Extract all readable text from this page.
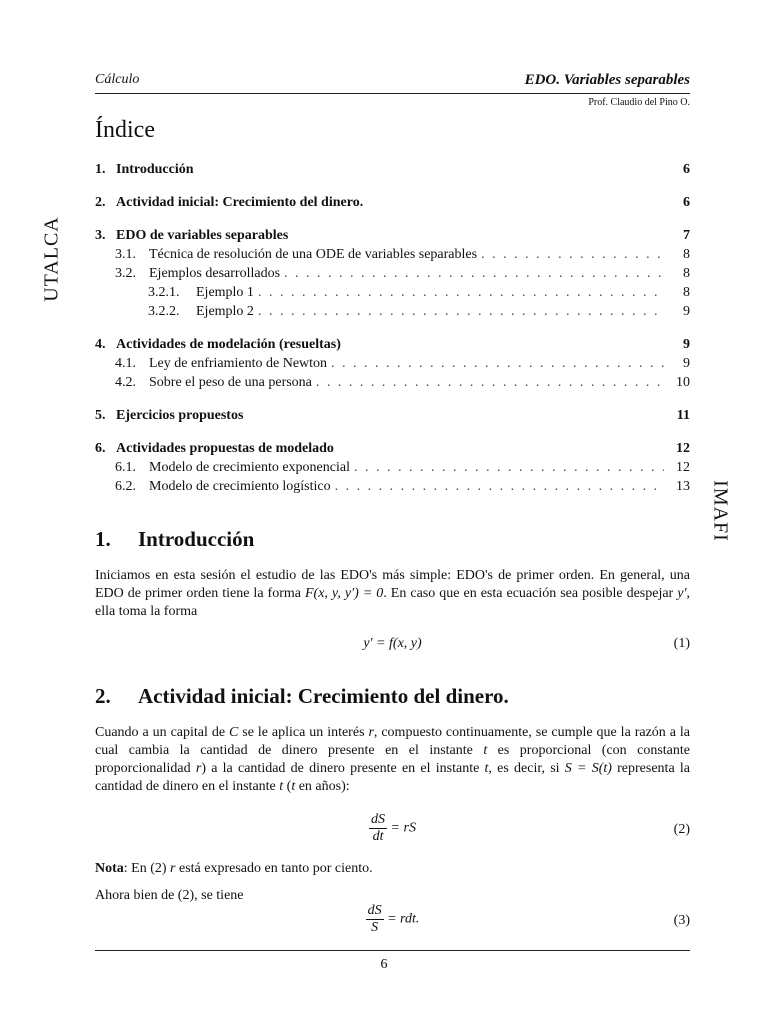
Cálculo	EDO. Variables separables
Prof. Claudio del Pino O.
UTALCA
IMAFI
Índice
1. Introducción	6
2. Actividad inicial: Crecimiento del dinero.	6
3. EDO de variables separables	7
3.1. Técnica de resolución de una ODE de variables separables . . .	8
3.2. Ejemplos desarrollados . . .	8
3.2.1.	Ejemplo 1 . . .	8
3.2.2.	Ejemplo 2 . . .	9
4. Actividades de modelación (resueltas)	9
4.1. Ley de enfriamiento de Newton . . .	9
4.2. Sobre el peso de una persona . . .	10
5. Ejercicios propuestos	11
6. Actividades propuestas de modelado	12
6.1. Modelo de crecimiento exponencial . . .	12
6.2. Modelo de crecimiento logístico . . .	13
1. Introducción
Iniciamos en esta sesión el estudio de las EDO's más simple: EDO's de primer orden. En general, una EDO de primer orden tiene la forma F(x, y, y′) = 0. En caso que en esta ecuación sea posible despejar y′, ella toma la forma
y′ = f(x, y)	(1)
2. Actividad inicial: Crecimiento del dinero.
Cuando a un capital de C se le aplica un interés r, compuesto continuamente, se cumple que la razón a la cual cambia la cantidad de dinero presente en el instante t es proporcional (con constante proporcionalidad r) a la cantidad de dinero presente en el instante t, es decir, si S = S(t) representa la cantidad de dinero en el instante t (t en años):
$\frac{dS}{dt}$ = rS	(2)
Nota: En (2) r está expresado en tanto por ciento.
Ahora bien de (2), se tiene
$\frac{dS}{S}$ = rdt.	(3)
6
